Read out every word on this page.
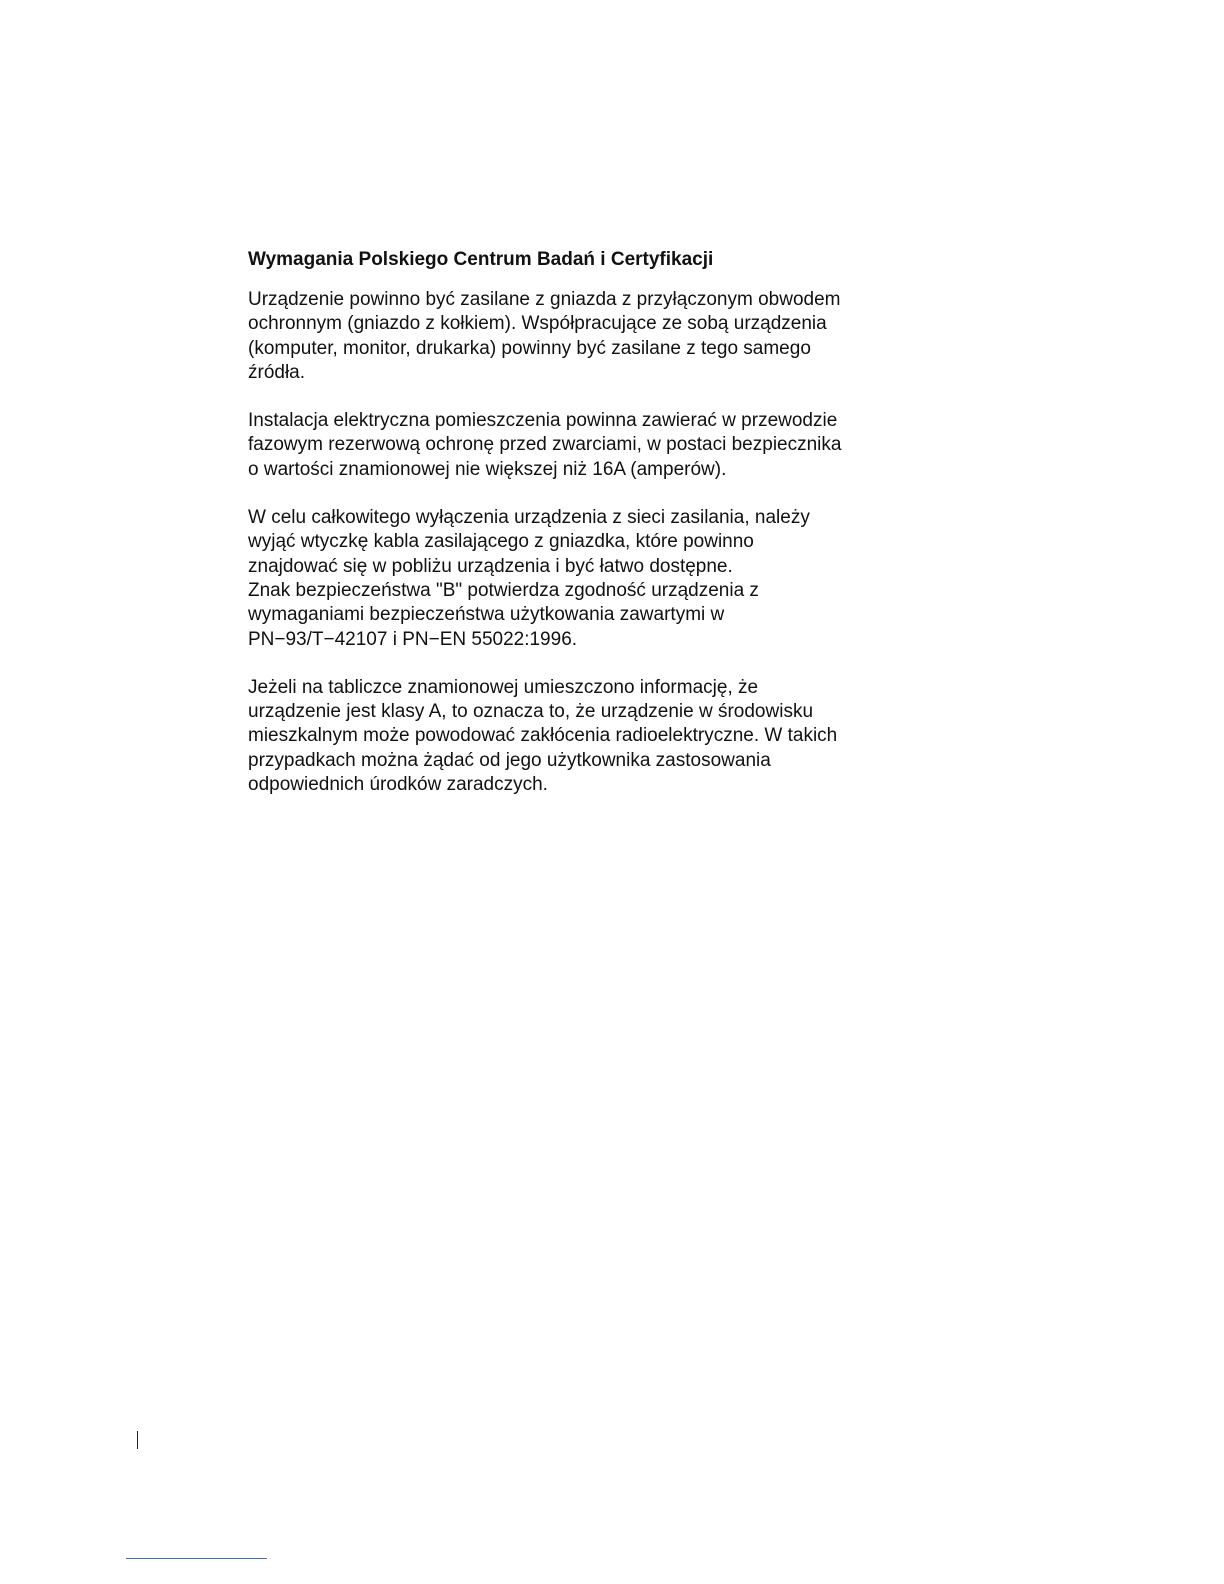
Wymagania Polskiego Centrum Badań i Certyfikacji

Urządzenie powinno być zasilane z gniazda z przyłączonym obwodem
ochronnym (gniazdo z kołkiem). Współpracujące ze sobą urządzenia
(komputer, monitor, drukarka) powinny być zasilane z tego samego
źródła.

Instalacja elektryczna pomieszczenia powinna zawierać w przewodzie
fazowym rezerwową ochronę przed zwarciami, w postaci bezpiecznika
o wartości znamionowej nie większej niż 16A (amperów).

W celu całkowitego wyłączenia urządzenia z sieci zasilania, należy
wyjąć wtyczkę kabla zasilającego z gniazdka, które powinno
znajdować się w pobliżu urządzenia i być łatwo dostępne.
Znak bezpieczeństwa "B" potwierdza zgodność urządzenia z
wymaganiami bezpieczeństwa użytkowania zawartymi w
PN−93/T−42107 i PN−EN 55022:1996.

Jeżeli na tabliczce znamionowej umieszczono informację, że
urządzenie jest klasy A, to oznacza to, że urządzenie w środowisku
mieszkalnym może powodować zakłócenia radioelektryczne. W takich
przypadkach można żądać od jego użytkownika zastosowania
odpowiednich úrodków zaradczych.
